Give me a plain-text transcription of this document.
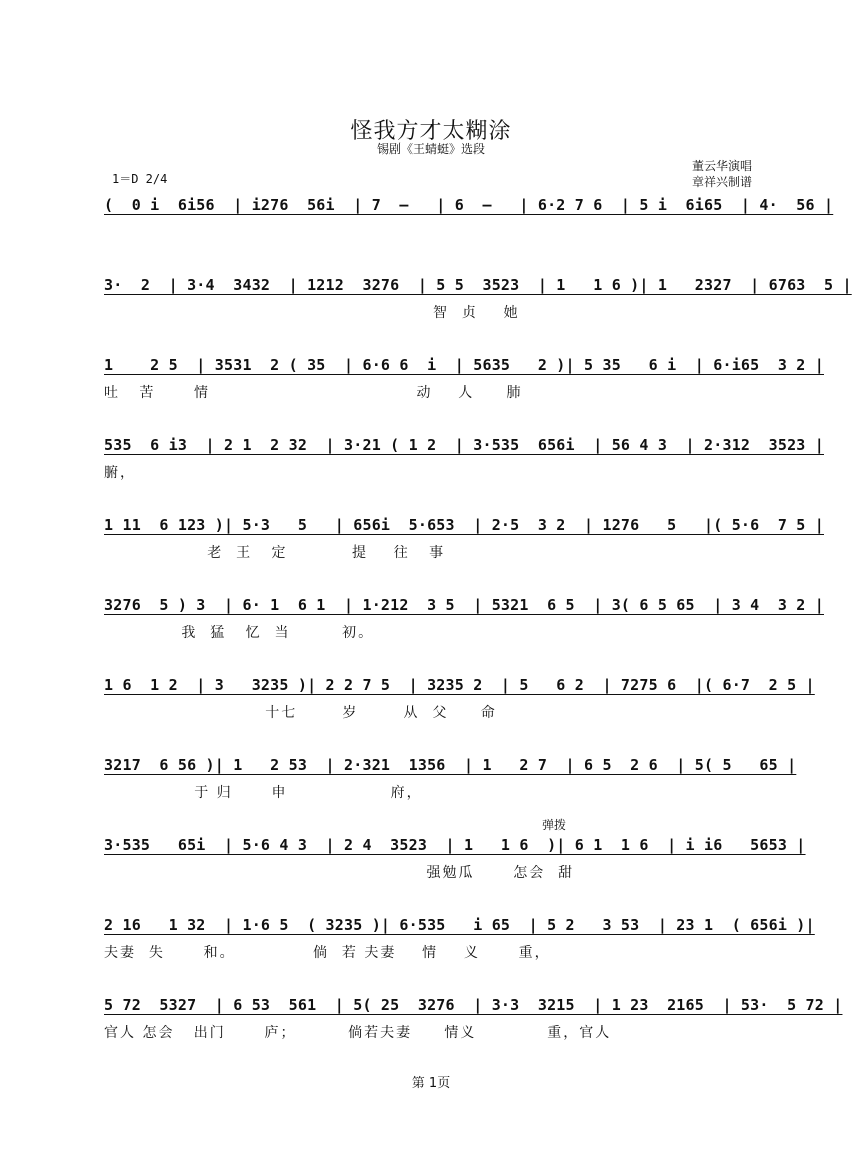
怪我方才太糊涂
锡剧《王蜻蜓》选段
董云华演唱
章祥兴制谱
1＝D 2/4
(  0 i  6i56  | i276  56i  | 7  –   | 6  –   | 6·2 7 6  | 5 i  6i65  | 4·  56 |
3·  2  | 3·4  3432  | 1212  3276  | 5 5  3523  | 1   1 6 )| 1   2327  | 6763  5 |
智  贞    她
1    2 5  | 3531  2 ( 35  | 6·6 6  i  | 5635   2 )| 5 35   6 i  | 6·i65  3 2 |
吐   苦      情                                动    人     肺
535  6 i3  | 2 1  2 32  | 3·21 ( 1 2  | 3·535  656i  | 56 4 3  | 2·312  3523 |
腑，
1 11  6 123 )| 5·3   5   | 656i  5·653  | 2·5  3 2  | 1276   5   |( 5·6  7 5 |
老  王   定          提    往   事
3276  5 ) 3  | 6· 1  6 1  | 1·212  3 5  | 5321  6 5  | 3( 6 5 65  | 3 4  3 2 |
我  猛   忆  当        初。
1 6  1 2  | 3   3235 )| 2 2 7 5  | 3235 2  | 5   6 2  | 7275 6  |( 6·7  2 5 |
十七       岁       从  父     命
3217  6 56 )| 1   2 53  | 2·321  1356  | 1   2 7  | 6 5  2 6  | 5( 5   65 |
于 归      申                府，
弹拨
3·535   65i  | 5·6 4 3  | 2 4  3523  | 1   1 6  )| 6 1  1 6  | i i6   5653 |
强勉瓜      怎会  甜
2 16   1 32  | 1·6 5  ( 3235 )| 6·535   i 65  | 5 2   3 53  | 23 1  ( 656i )|
夫妻  失      和。            倘  若 夫妻    情    义      重，
5 72  5327  | 6 53  561  | 5( 25  3276  | 3·3  3215  | 1 23  2165  | 53·  5 72 |
官人 怎会   出门      庐；        倘若夫妻     情义           重，官人
第 1页
